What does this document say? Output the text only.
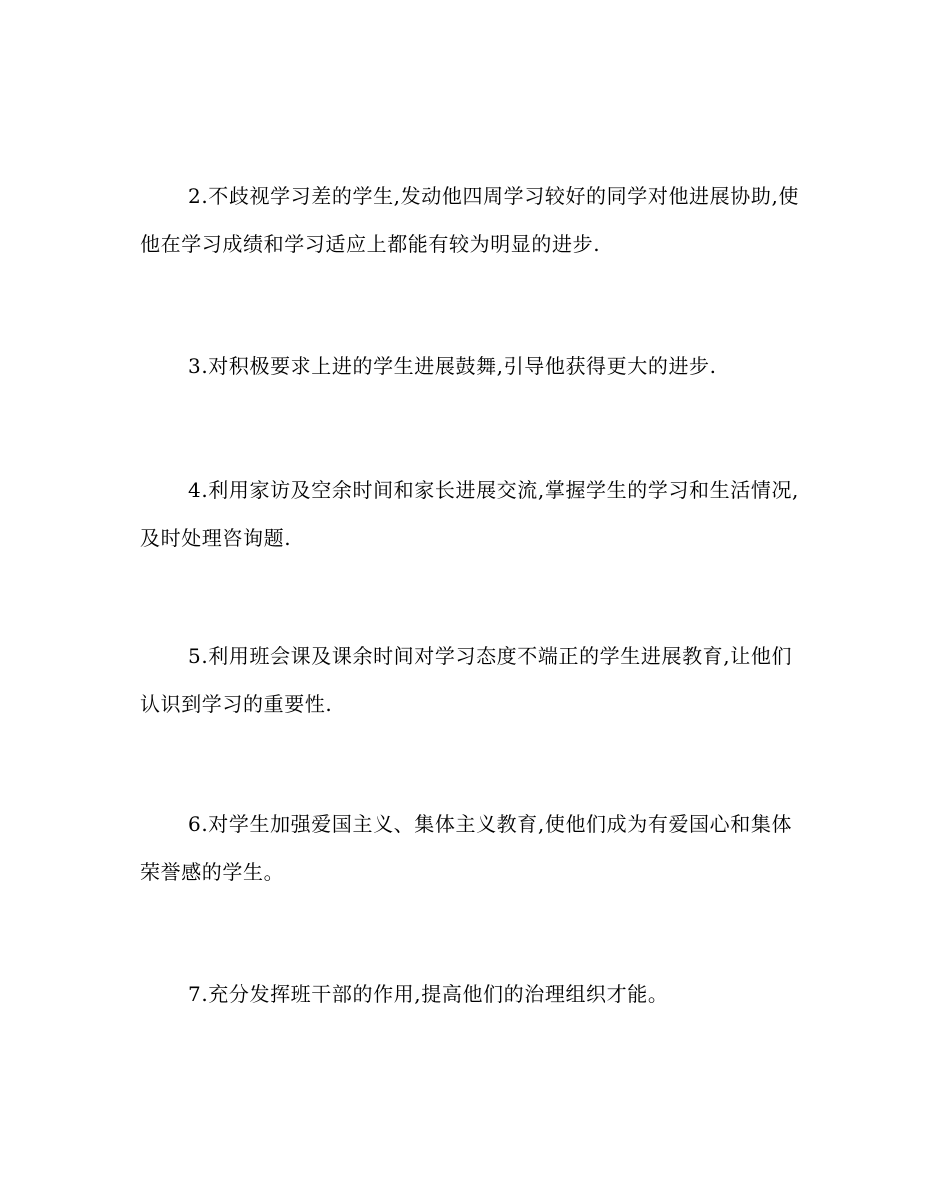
2.不歧视学习差的学生,发动他四周学习较好的同学对他进展协助,使他在学习成绩和学习适应上都能有较为明显的进步.

3.对积极要求上进的学生进展鼓舞,引导他获得更大的进步.

4.利用家访及空余时间和家长进展交流,掌握学生的学习和生活情况,及时处理咨询题.

5.利用班会课及课余时间对学习态度不端正的学生进展教育,让他们认识到学习的重要性.

6.对学生加强爱国主义、集体主义教育,使他们成为有爱国心和集体荣誉感的学生。

7.充分发挥班干部的作用,提高他们的治理组织才能。
